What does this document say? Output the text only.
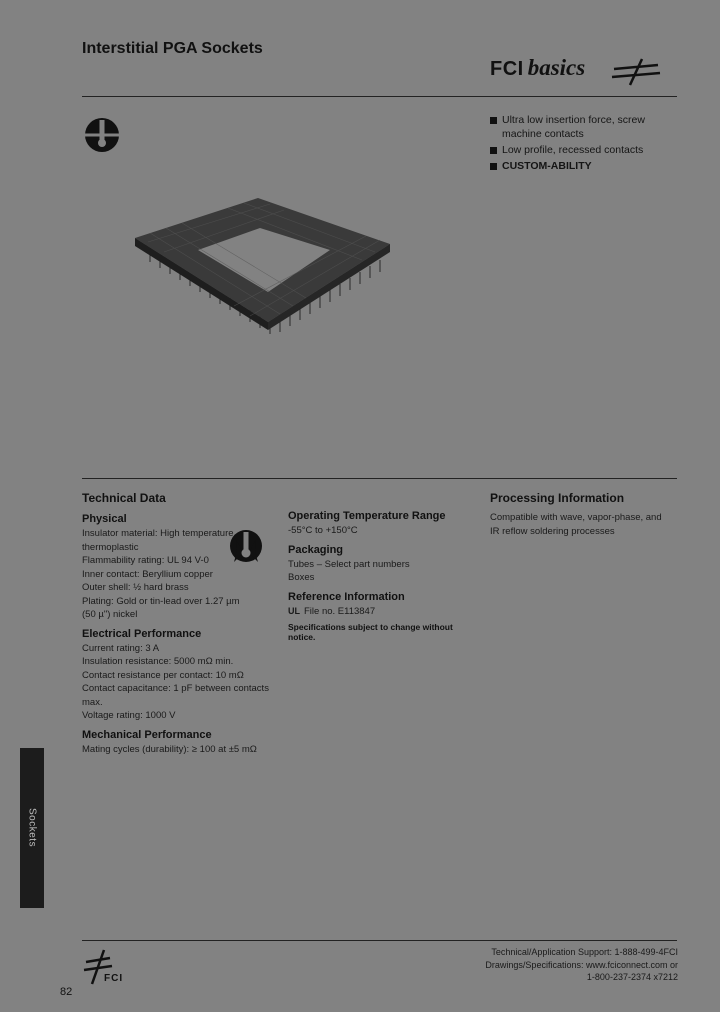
Interstitial PGA Sockets
FCI basics
Ultra low insertion force, screw machine contacts
Low profile, recessed contacts
CUSTOM-ABILITY
Technical Data
Physical
Insulator material: High temperature
thermoplastic
Flammability rating: UL 94 V-0
Inner contact: Beryllium copper
Outer shell: ½ hard brass
Plating: Gold or tin-lead over 1.27 µm
(50 µ") nickel
Electrical Performance
Current rating: 3 A
Insulation resistance: 5000 mΩ min.
Contact resistance per contact: 10 mΩ
Contact capacitance: 1 pF between contacts max.
Voltage rating: 1000 V
Mechanical Performance
Mating cycles (durability): ≥ 100 at ±5 mΩ
Operating Temperature Range
-55°C to +150°C
Packaging
Tubes – Select part numbers
Boxes
Reference Information
UL File no. E113847
Specifications subject to change without notice.
Processing Information
Compatible with wave, vapor-phase, and
IR reflow soldering processes
Sockets
FCI
82
Technical/Application Support: 1-888-499-4FCI
Drawings/Specifications: www.fciconnect.com or
1-800-237-2374 x7212
